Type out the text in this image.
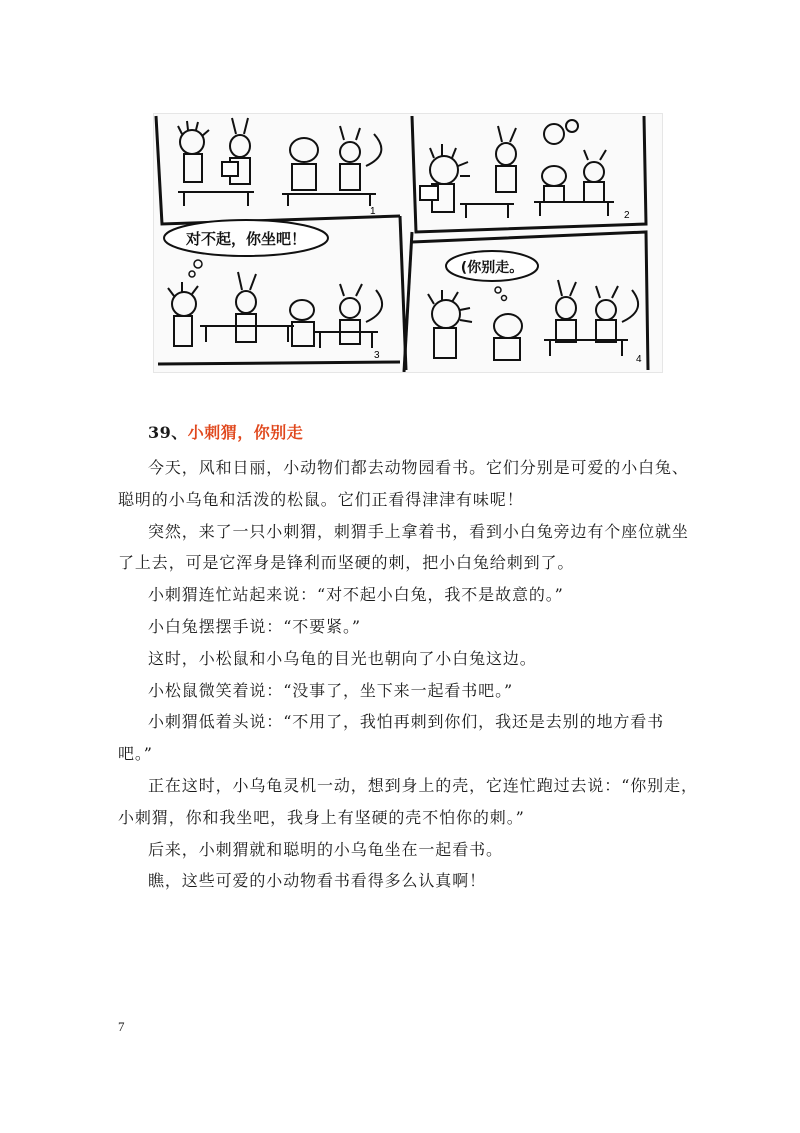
1	2
对不起，你坐吧！
3
(你别走。
4
39、小刺猬，你别走

今天，风和日丽，小动物们都去动物园看书。它们分别是可爱的小白兔、聪明的小乌龟和活泼的松鼠。它们正看得津津有味呢！

突然，来了一只小刺猬，刺猬手上拿着书，看到小白兔旁边有个座位就坐了上去，可是它浑身是锋利而坚硬的刺，把小白兔给刺到了。

小刺猬连忙站起来说：“对不起小白兔，我不是故意的。”

小白兔摆摆手说：“不要紧。”

这时，小松鼠和小乌龟的目光也朝向了小白兔这边。

小松鼠微笑着说：“没事了，坐下来一起看书吧。”

小刺猬低着头说：“不用了，我怕再刺到你们，我还是去别的地方看书吧。”

正在这时，小乌龟灵机一动，想到身上的壳，它连忙跑过去说：“你别走，小刺猬，你和我坐吧，我身上有坚硬的壳不怕你的刺。”

后来，小刺猬就和聪明的小乌龟坐在一起看书。

瞧，这些可爱的小动物看书看得多么认真啊！

7
